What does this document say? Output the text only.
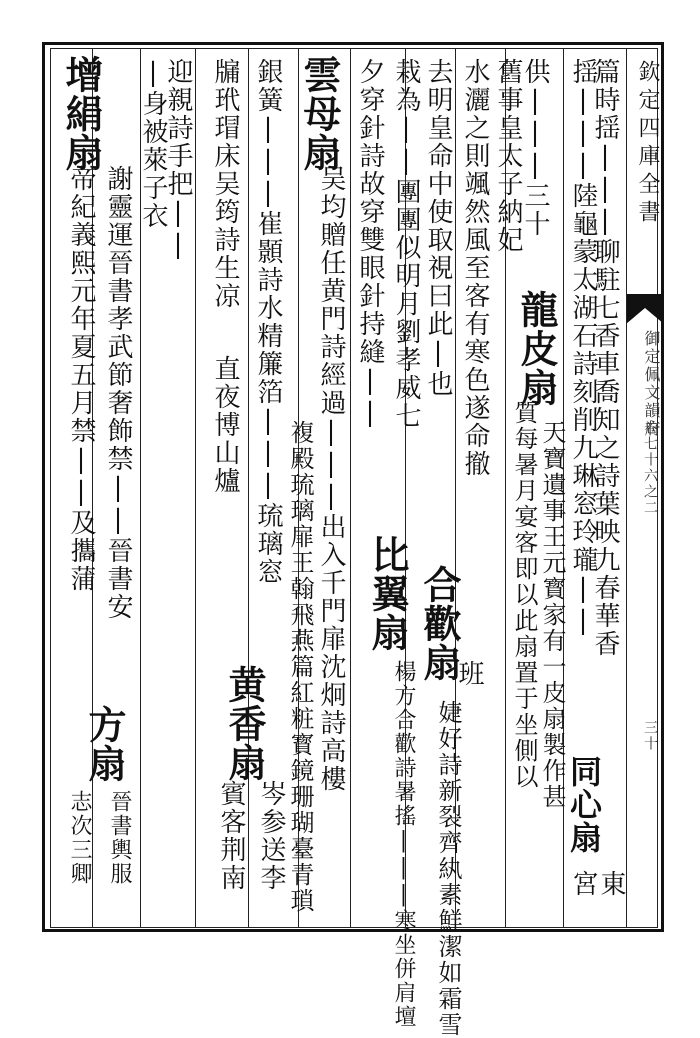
欽定四庫全書
御定佩文韻府
卷七十六之二
三十
篇時揺|||聊駐七香車喬知之詩葉映九春華香
揺|||陸龜蒙太湖石詩刻削九琳窓玲瓏||
同心扇
宮
東
供|||三十
龍皮扇
天寶遺事王元寳家有一皮扇製作甚
舊事皇太子納妃
質每暑月宴客即以此扇置于坐側以
水灑之則颯然風至客有寒色遂命撤
去明皇命中使取視曰此|也
合歡扇
班
栽為||團團似明月劉孝威七
婕好詩新裂齊紈素鮮潔如霜雪
夕穿針詩故穿雙眼針持縫||
比翼扇
楊方合歡詩暑搖|||寒坐併肩壇
雲母扇
吴均贈任黄門詩經過|||出入千門扉沈炯詩高樓
銀簧|||崔顥詩水精簾箔|||琉璃窓
牖玳瑁床吴筠詩生凉
黄香扇
岑参送李 複殿琉璃扉王翰飛燕篇紅粧寳鏡珊瑚臺青瑣
迎親詩手把||
直夜博山爐
賓客荆南
|身被萊子衣
增絹扇
謝靈運晉書孝武節奢飾禁||晉書安
帝紀義熙元年夏五月禁||及攜蒲
方扇
晉書輿服
志次三卿
